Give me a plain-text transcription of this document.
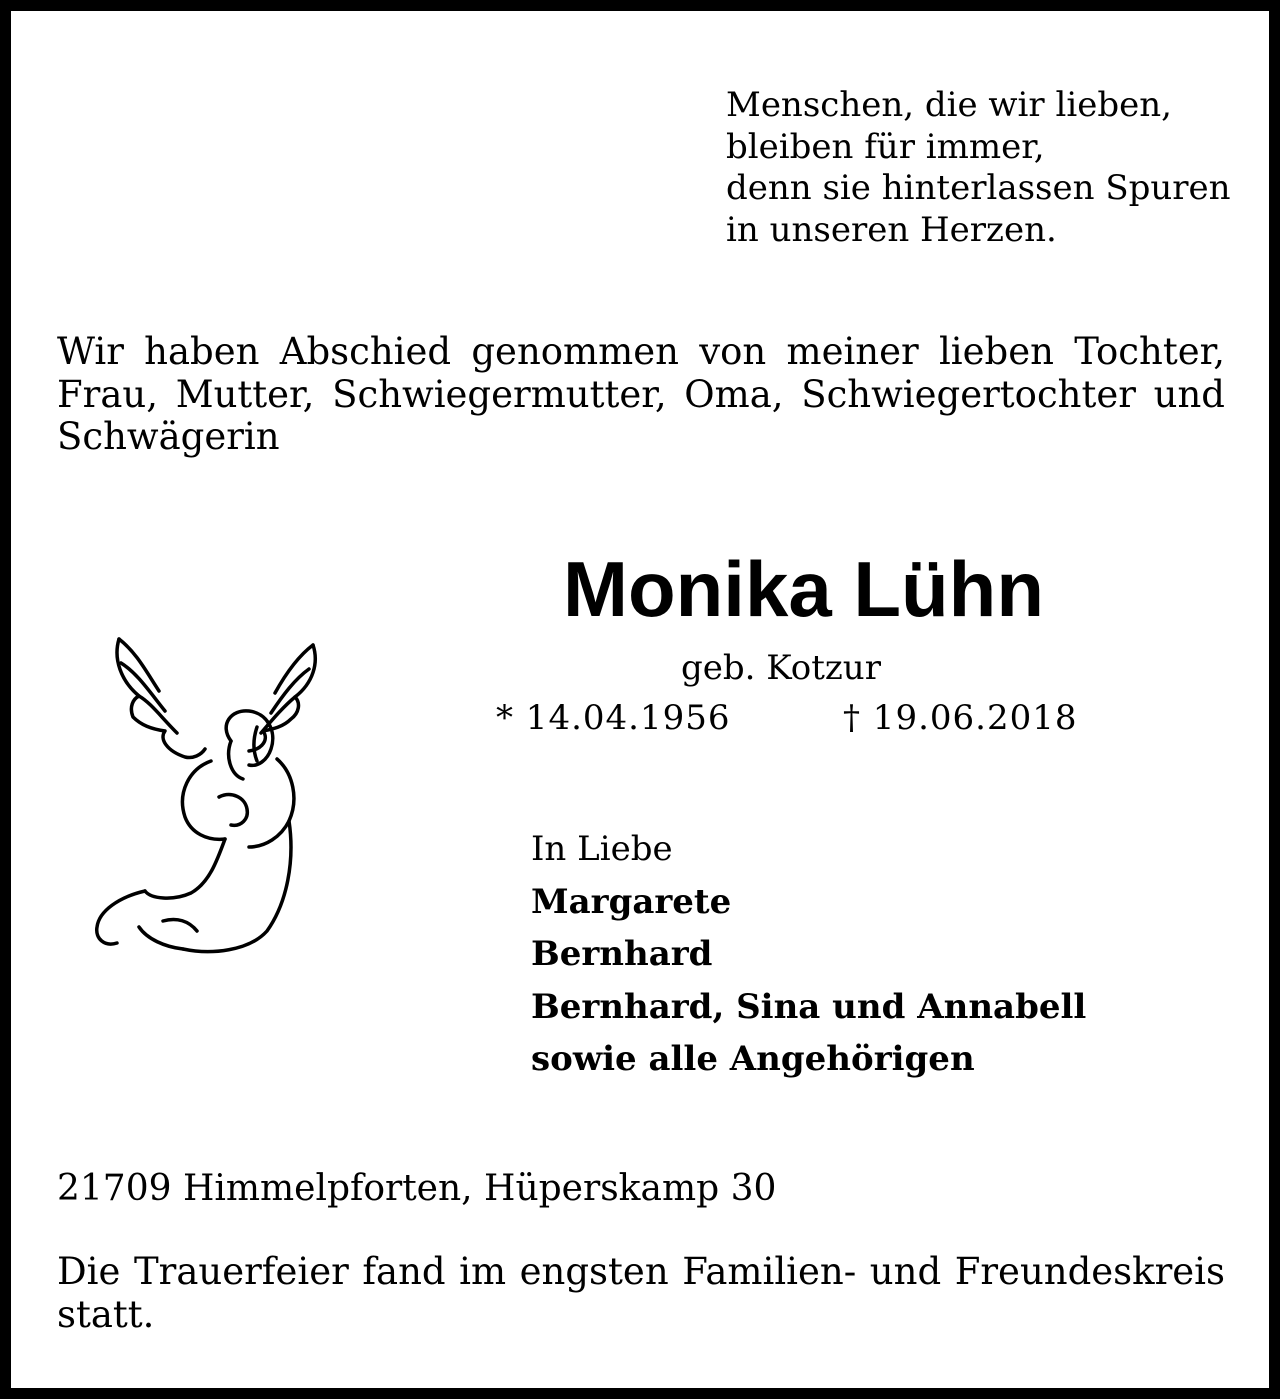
Menschen, die wir lieben,
bleiben für immer,
denn sie hinterlassen Spuren
in unseren Herzen.
Wir haben Abschied genommen von meiner lieben Tochter, Frau, Mutter, Schwiegermutter, Oma, Schwiegertochter und Schwägerin
Monika Lühn
geb. Kotzur
* 14.04.1956	† 19.06.2018
In Liebe
Margarete
Bernhard
Bernhard, Sina und Annabell
sowie alle Angehörigen
21709 Himmelpforten, Hüperskamp 30
Die Trauerfeier fand im engsten Familien- und Freundeskreis statt.
